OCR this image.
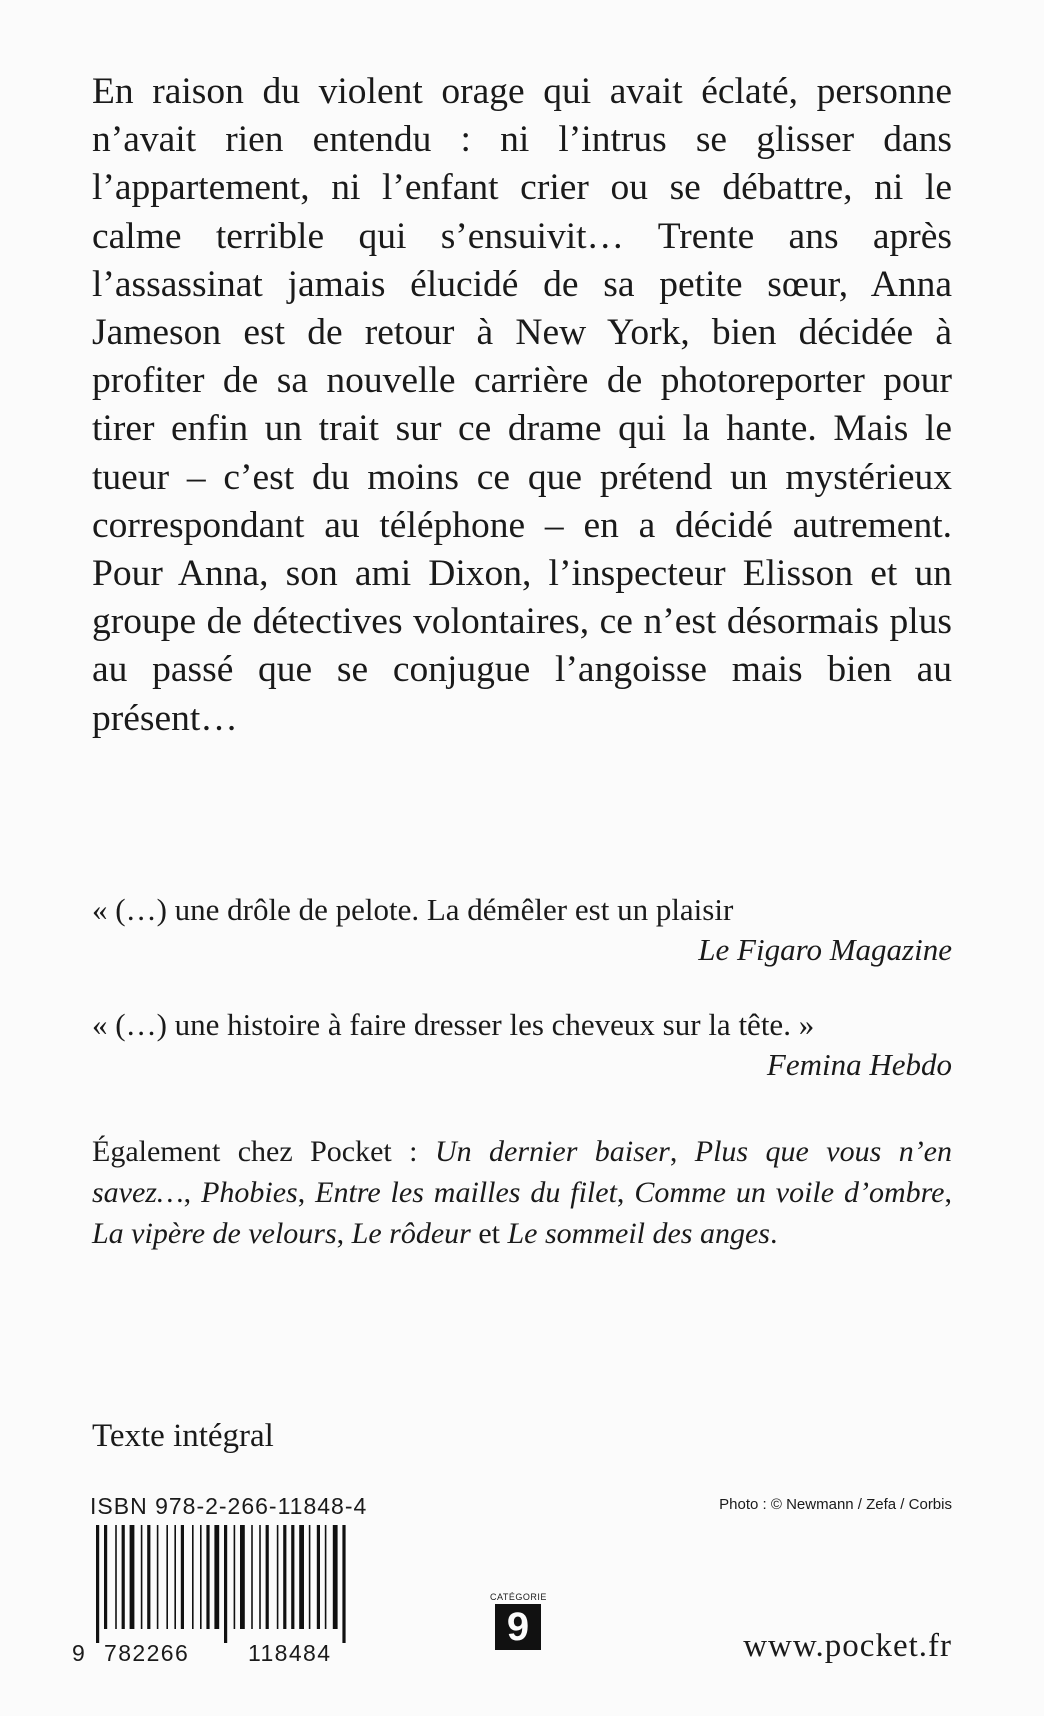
En raison du violent orage qui avait éclaté, personne n’avait rien entendu : ni l’intrus se glisser dans l’appartement, ni l’enfant crier ou se débattre, ni le calme terrible qui s’ensuivit… Trente ans après l’assassinat jamais élucidé de sa petite sœur, Anna Jameson est de retour à New York, bien décidée à profiter de sa nouvelle carrière de photoreporter pour tirer enfin un trait sur ce drame qui la hante. Mais le tueur – c’est du moins ce que prétend un mystérieux correspondant au téléphone – en a décidé autrement. Pour Anna, son ami Dixon, l’inspecteur Elisson et un groupe de détectives volontaires, ce n’est désormais plus au passé que se conjugue l’angoisse mais bien au présent…

« (…) une drôle de pelote. La démêler est un plaisir
Le Figaro Magazine
« (…) une histoire à faire dresser les cheveux sur la tête. »
Femina Hebdo

Également chez Pocket : Un dernier baiser, Plus que vous n’en savez…, Phobies, Entre les mailles du filet, Comme un voile d’ombre, La vipère de velours, Le rôdeur et Le sommeil des anges.

Texte intégral
ISBN 978-2-266-11848-4	Photo : © Newmann / Zefa / Corbis
9 782266	118484
CATÉGORIE
9	www.pocket.fr
